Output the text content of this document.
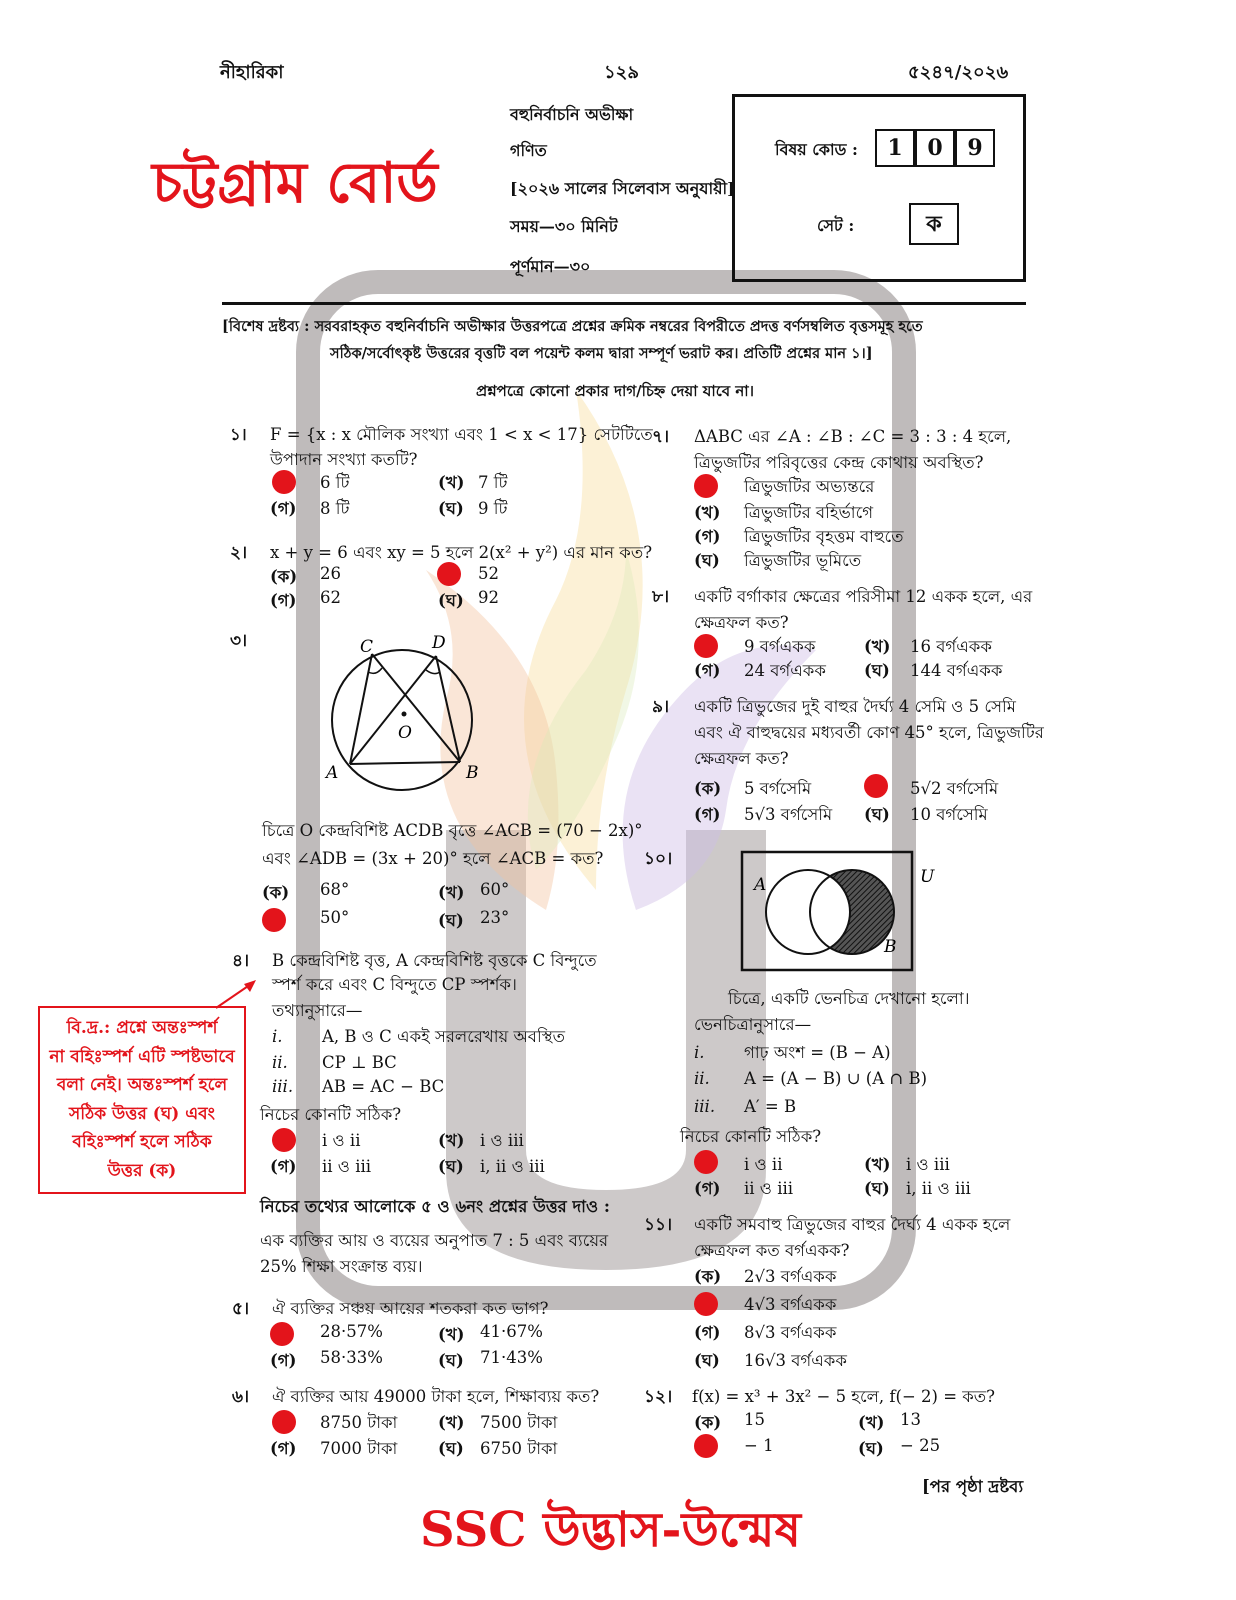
নীহারিকা	১২৯	৫২৪৭/২০২৬
চট্টগ্রাম বোর্ড
বহুনির্বাচনি অভীক্ষা
গণিত
[২০২৬ সালের সিলেবাস অনুযায়ী]
সময়—৩০ মিনিট
পূর্ণমান—৩০
বিষয় কোড :	1 0 9
সেট :	ক
[বিশেষ দ্রষ্টব্য : সরবরাহকৃত বহুনির্বাচনি অভীক্ষার উত্তরপত্রে প্রশ্নের ক্রমিক নম্বরের বিপরীতে প্রদত্ত বর্ণসম্বলিত বৃত্তসমূহ হতে
সঠিক/সর্বোৎকৃষ্ট উত্তরের বৃত্তটি বল পয়েন্ট কলম দ্বারা সম্পূর্ণ ভরাট কর। প্রতিটি প্রশ্নের মান ১।]
প্রশ্নপত্রে কোনো প্রকার দাগ/চিহ্ন দেয়া যাবে না।
১। F = {x : x মৌলিক সংখ্যা এবং 1 < x < 17} সেটটিতে
উপাদান সংখ্যা কতটি?
6 টি	(খ) 7 টি
(গ) 8 টি	(ঘ) 9 টি
২। x + y = 6 এবং xy = 5 হলে 2(x² + y²) এর মান কত?
(ক) 26	52
(গ) 62	(ঘ) 92
৩।	C	D
O
A	B
চিত্রে O কেন্দ্রবিশিষ্ট ACDB বৃত্তে ∠ACB = (70 − 2x)°
এবং ∠ADB = (3x + 20)° হলে ∠ACB = কত?
(ক) 68°	(খ) 60°
50°	(ঘ) 23°
৪। B কেন্দ্রবিশিষ্ট বৃত্ত, A কেন্দ্রবিশিষ্ট বৃত্তকে C বিন্দুতে
স্পর্শ করে এবং C বিন্দুতে CP স্পর্শক।
তথ্যানুসারে—
i. A, B ও C একই সরলরেখায় অবস্থিত
ii. CP ⊥ BC
iii. AB = AC − BC
নিচের কোনটি সঠিক?
i ও ii	(খ) i ও iii
(গ) ii ও iii	(ঘ) i, ii ও iii
বি.দ্র.: প্রশ্নে অন্তঃস্পর্শ
না বহিঃস্পর্শ এটি স্পষ্টভাবে
বলা নেই। অন্তঃস্পর্শ হলে
সঠিক উত্তর (ঘ) এবং
বহিঃস্পর্শ হলে সঠিক
উত্তর (ক)
নিচের তথ্যের আলোকে ৫ ও ৬নং প্রশ্নের উত্তর দাও :
এক ব্যক্তির আয় ও ব্যয়ের অনুপাত 7 : 5 এবং ব্যয়ের
25% শিক্ষা সংক্রান্ত ব্যয়।
৫। ঐ ব্যক্তির সঞ্চয় আয়ের শতকরা কত ভাগ?
28·57%	(খ) 41·67%
(গ) 58·33%	(ঘ) 71·43%
৬। ঐ ব্যক্তির আয় 49000 টাকা হলে, শিক্ষাব্যয় কত?
8750 টাকা (খ) 7500 টাকা
(গ) 7000 টাকা (ঘ) 6750 টাকা
৭। ΔABC এর ∠A : ∠B : ∠C = 3 : 3 : 4 হলে,
ত্রিভুজটির পরিবৃত্তের কেন্দ্র কোথায় অবস্থিত?
ত্রিভুজটির অভ্যন্তরে
(খ) ত্রিভুজটির বহির্ভাগে
(গ) ত্রিভুজটির বৃহত্তম বাহুতে
(ঘ) ত্রিভুজটির ভূমিতে
৮। একটি বর্গাকার ক্ষেত্রের পরিসীমা 12 একক হলে, এর
ক্ষেত্রফল কত?
9 বর্গএকক	(খ) 16 বর্গএকক
(গ) 24 বর্গএকক (ঘ) 144 বর্গএকক
৯। একটি ত্রিভুজের দুই বাহুর দৈর্ঘ্য 4 সেমি ও 5 সেমি
এবং ঐ বাহুদ্বয়ের মধ্যবর্তী কোণ 45° হলে, ত্রিভুজটির
ক্ষেত্রফল কত?
(ক) 5 বর্গসেমি	5√2 বর্গসেমি
(গ) 5√3 বর্গসেমি (ঘ) 10 বর্গসেমি
১০।
A
B
U
চিত্রে, একটি ভেনচিত্র দেখানো হলো।
ভেনচিত্রানুসারে—
i. গাঢ় অংশ = (B − A)
ii. A = (A − B) ∪ (A ∩ B)
iii. A′ = B
নিচের কোনটি সঠিক?
i ও ii	(খ) i ও iii
(গ) ii ও iii	(ঘ) i, ii ও iii
১১। একটি সমবাহু ত্রিভুজের বাহুর দৈর্ঘ্য 4 একক হলে
ক্ষেত্রফল কত বর্গএকক?
(ক) 2√3 বর্গএকক
4√3 বর্গএকক
(গ) 8√3 বর্গএকক
(ঘ) 16√3 বর্গএকক
১২। f(x) = x³ + 3x² − 5 হলে, f(− 2) = কত?
(ক) 15	(খ) 13
− 1	(ঘ) − 25
[পর পৃষ্ঠা দ্রষ্টব্য
SSC উদ্ভাস-উন্মেষ
